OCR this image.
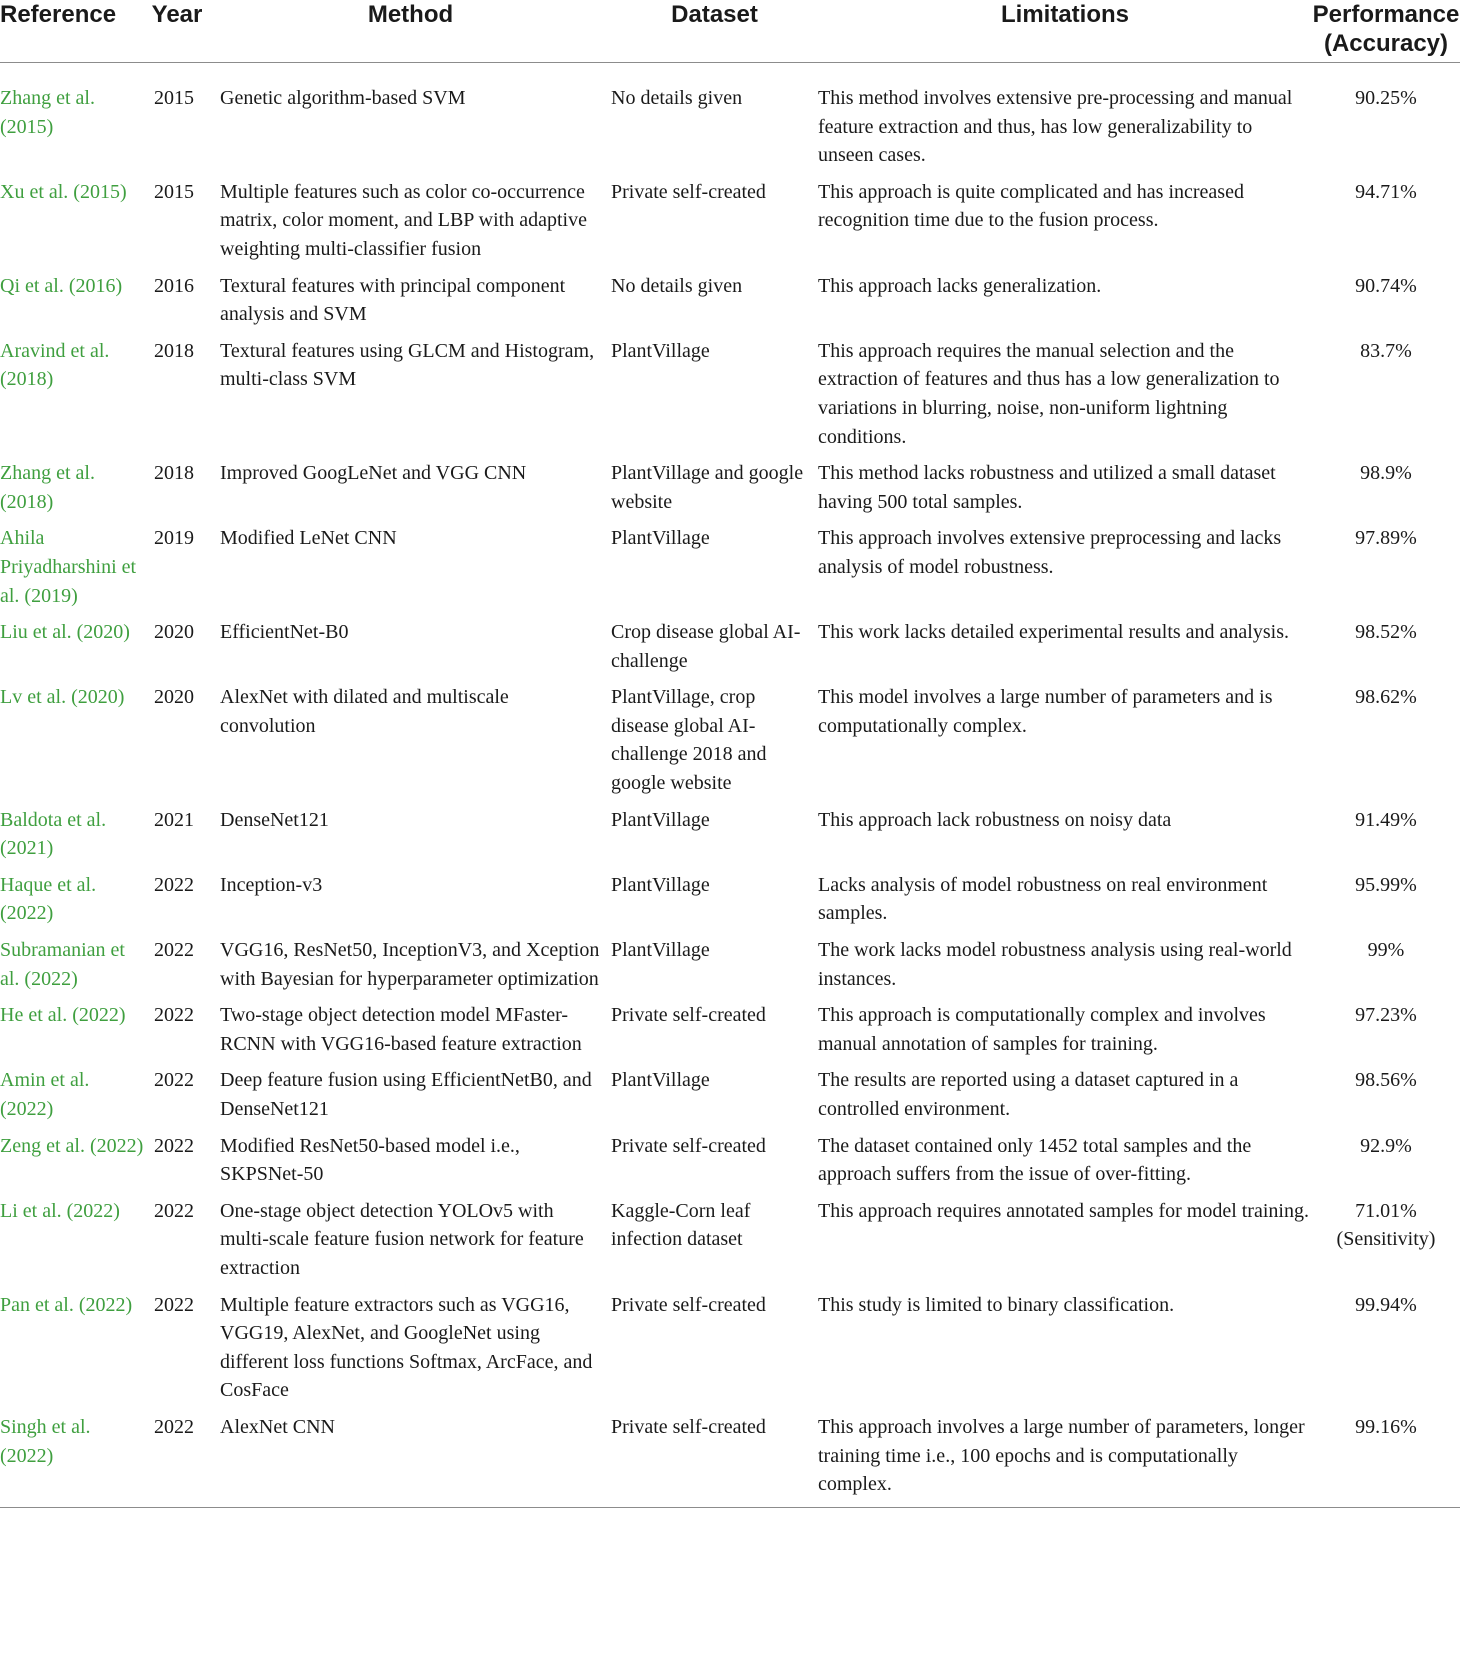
Reference	Year	Method	Dataset	Limitations	Performance
(Accuracy)
Zhang et al. (2015)	2015	Genetic algorithm-based SVM	No details given	This method involves extensive pre-processing and manual feature extraction and thus, has low generalizability to unseen cases.	90.25%
Xu et al. (2015)	2015	Multiple features such as color co-occurrence matrix, color moment, and LBP with adaptive weighting multi-classifier fusion	Private self-created	This approach is quite complicated and has increased recognition time due to the fusion process.	94.71%
Qi et al. (2016)	2016	Textural features with principal component analysis and SVM	No details given	This approach lacks generalization.	90.74%
Aravind et al. (2018)	2018	Textural features using GLCM and Histogram, multi-class SVM	PlantVillage	This approach requires the manual selection and the extraction of features and thus has a low generalization to variations in blurring, noise, non-uniform lightning conditions.	83.7%
Zhang et al. (2018)	2018	Improved GoogLeNet and VGG CNN	PlantVillage and google website	This method lacks robustness and utilized a small dataset having 500 total samples.	98.9%
Ahila Priyadharshini et al. (2019)	2019	Modified LeNet CNN	PlantVillage	This approach involves extensive preprocessing and lacks analysis of model robustness.	97.89%
Liu et al. (2020)	2020	EfficientNet-B0	Crop disease global AI-challenge	This work lacks detailed experimental results and analysis.	98.52%
Lv et al. (2020)	2020	AlexNet with dilated and multiscale convolution	PlantVillage, crop disease global AI-challenge 2018 and google website	This model involves a large number of parameters and is computationally complex.	98.62%
Baldota et al. (2021)	2021	DenseNet121	PlantVillage	This approach lack robustness on noisy data	91.49%
Haque et al. (2022)	2022	Inception-v3	PlantVillage	Lacks analysis of model robustness on real environment samples.	95.99%
Subramanian et al. (2022)	2022	VGG16, ResNet50, InceptionV3, and Xception with Bayesian for hyperparameter optimization	PlantVillage	The work lacks model robustness analysis using real-world instances.	99%
He et al. (2022)	2022	Two-stage object detection model MFaster-RCNN with VGG16-based feature extraction	Private self-created	This approach is computationally complex and involves manual annotation of samples for training.	97.23%
Amin et al. (2022)	2022	Deep feature fusion using EfficientNetB0, and DenseNet121	PlantVillage	The results are reported using a dataset captured in a controlled environment.	98.56%
Zeng et al. (2022)	2022	Modified ResNet50-based model i.e., SKPSNet-50	Private self-created	The dataset contained only 1452 total samples and the approach suffers from the issue of over-fitting.	92.9%
Li et al. (2022)	2022	One-stage object detection YOLOv5 with multi-scale feature fusion network for feature extraction	Kaggle-Corn leaf infection dataset	This approach requires annotated samples for model training.	71.01% (Sensitivity)
Pan et al. (2022)	2022	Multiple feature extractors such as VGG16, VGG19, AlexNet, and GoogleNet using different loss functions Softmax, ArcFace, and CosFace	Private self-created	This study is limited to binary classification.	99.94%
Singh et al. (2022)	2022	AlexNet CNN	Private self-created	This approach involves a large number of parameters, longer training time i.e., 100 epochs and is computationally complex.	99.16%
